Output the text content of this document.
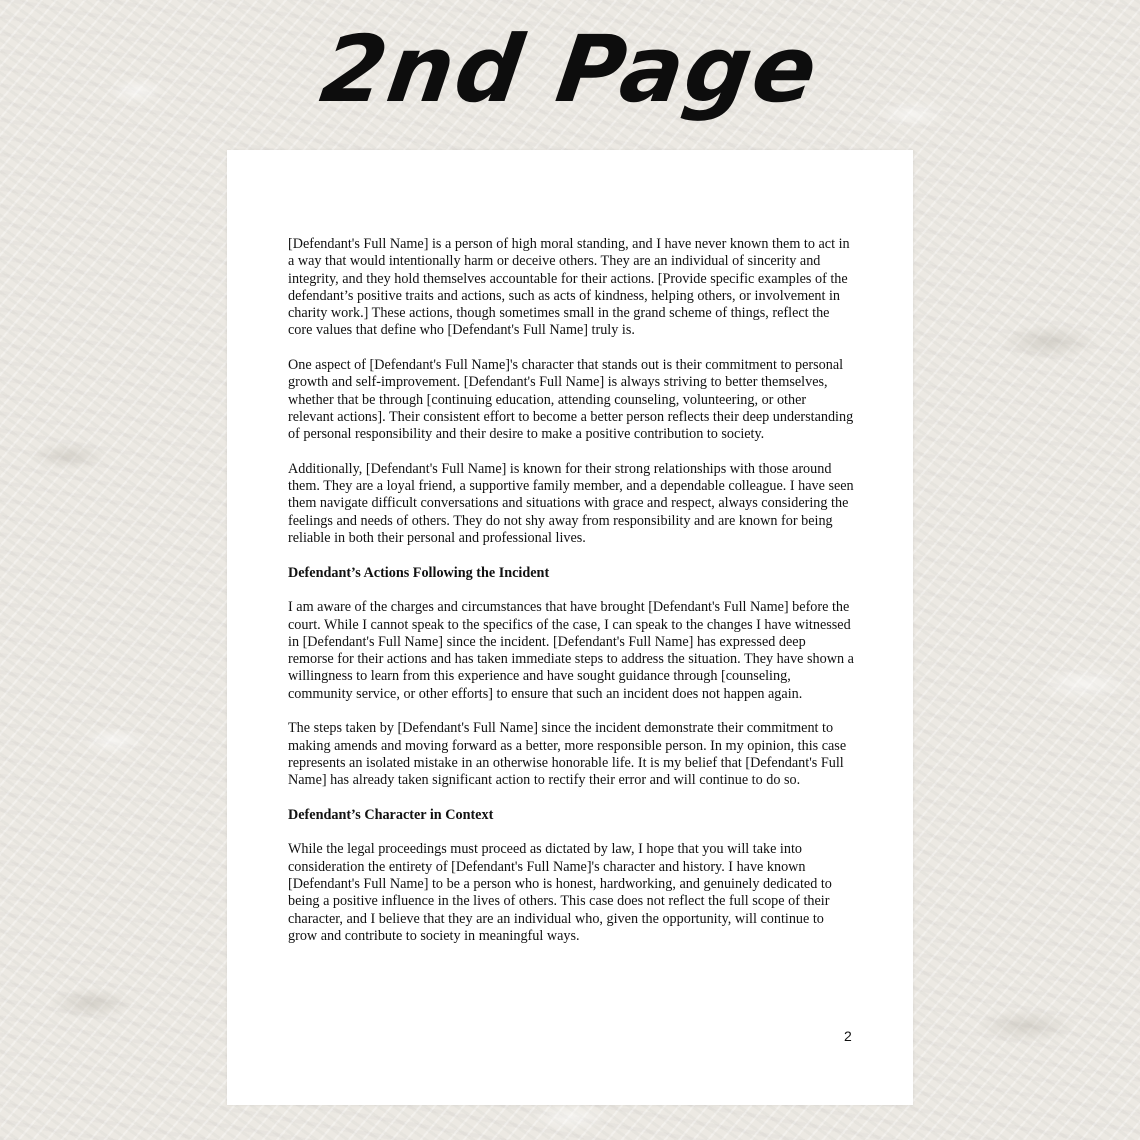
2nd Page

[Defendant's Full Name] is a person of high moral standing, and I have never known them to act in a way that would intentionally harm or deceive others. They are an individual of sincerity and integrity, and they hold themselves accountable for their actions. [Provide specific examples of the defendant’s positive traits and actions, such as acts of kindness, helping others, or involvement in charity work.] These actions, though sometimes small in the grand scheme of things, reflect the core values that define who [Defendant's Full Name] truly is.

One aspect of [Defendant's Full Name]'s character that stands out is their commitment to personal growth and self-improvement. [Defendant's Full Name] is always striving to better themselves, whether that be through [continuing education, attending counseling, volunteering, or other relevant actions]. Their consistent effort to become a better person reflects their deep understanding of personal responsibility and their desire to make a positive contribution to society.

Additionally, [Defendant's Full Name] is known for their strong relationships with those around them. They are a loyal friend, a supportive family member, and a dependable colleague. I have seen them navigate difficult conversations and situations with grace and respect, always considering the feelings and needs of others. They do not shy away from responsibility and are known for being reliable in both their personal and professional lives.

Defendant’s Actions Following the Incident

I am aware of the charges and circumstances that have brought [Defendant's Full Name] before the court. While I cannot speak to the specifics of the case, I can speak to the changes I have witnessed in [Defendant's Full Name] since the incident. [Defendant's Full Name] has expressed deep remorse for their actions and has taken immediate steps to address the situation. They have shown a willingness to learn from this experience and have sought guidance through [counseling, community service, or other efforts] to ensure that such an incident does not happen again.

The steps taken by [Defendant's Full Name] since the incident demonstrate their commitment to making amends and moving forward as a better, more responsible person. In my opinion, this case represents an isolated mistake in an otherwise honorable life. It is my belief that [Defendant's Full Name] has already taken significant action to rectify their error and will continue to do so.

Defendant’s Character in Context

While the legal proceedings must proceed as dictated by law, I hope that you will take into consideration the entirety of [Defendant's Full Name]'s character and history. I have known [Defendant's Full Name] to be a person who is honest, hardworking, and genuinely dedicated to being a positive influence in the lives of others. This case does not reflect the full scope of their character, and I believe that they are an individual who, given the opportunity, will continue to grow and contribute to society in meaningful ways.

2
